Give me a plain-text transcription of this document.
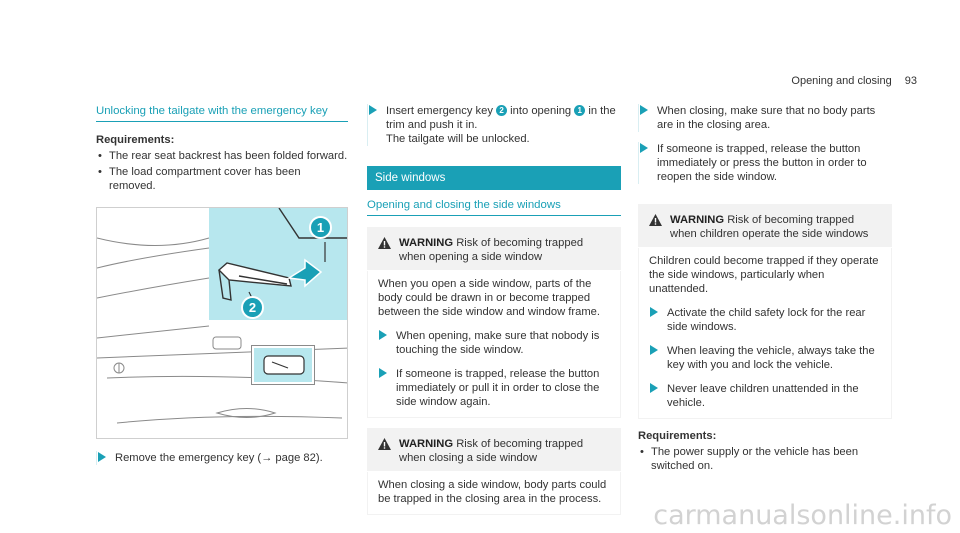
Opening and closing 93
Unlocking the tailgate with the emergency key
Requirements:
• The rear seat backrest has been folded forward.
• The load compartment cover has been removed.
1
2
Remove the emergency key (→ page 82).
Insert emergency key 2 into opening 1 in the trim and push it in.
The tailgate will be unlocked.
Side windows
Opening and closing the side windows
WARNING Risk of becoming trapped when opening a side window
When you open a side window, parts of the body could be drawn in or become trapped between the side window and window frame.
When opening, make sure that nobody is touching the side window.
If someone is trapped, release the button immediately or pull it in order to close the side window again.
WARNING Risk of becoming trapped when closing a side window
When closing a side window, body parts could be trapped in the closing area in the process.
When closing, make sure that no body parts are in the closing area.
If someone is trapped, release the button immediately or press the button in order to reopen the side window.
WARNING Risk of becoming trapped when children operate the side windows
Children could become trapped if they operate the side windows, particularly when unattended.
Activate the child safety lock for the rear side windows.
When leaving the vehicle, always take the key with you and lock the vehicle.
Never leave children unattended in the vehicle.
Requirements:
• The power supply or the vehicle has been switched on.
carmanualsonline.info
